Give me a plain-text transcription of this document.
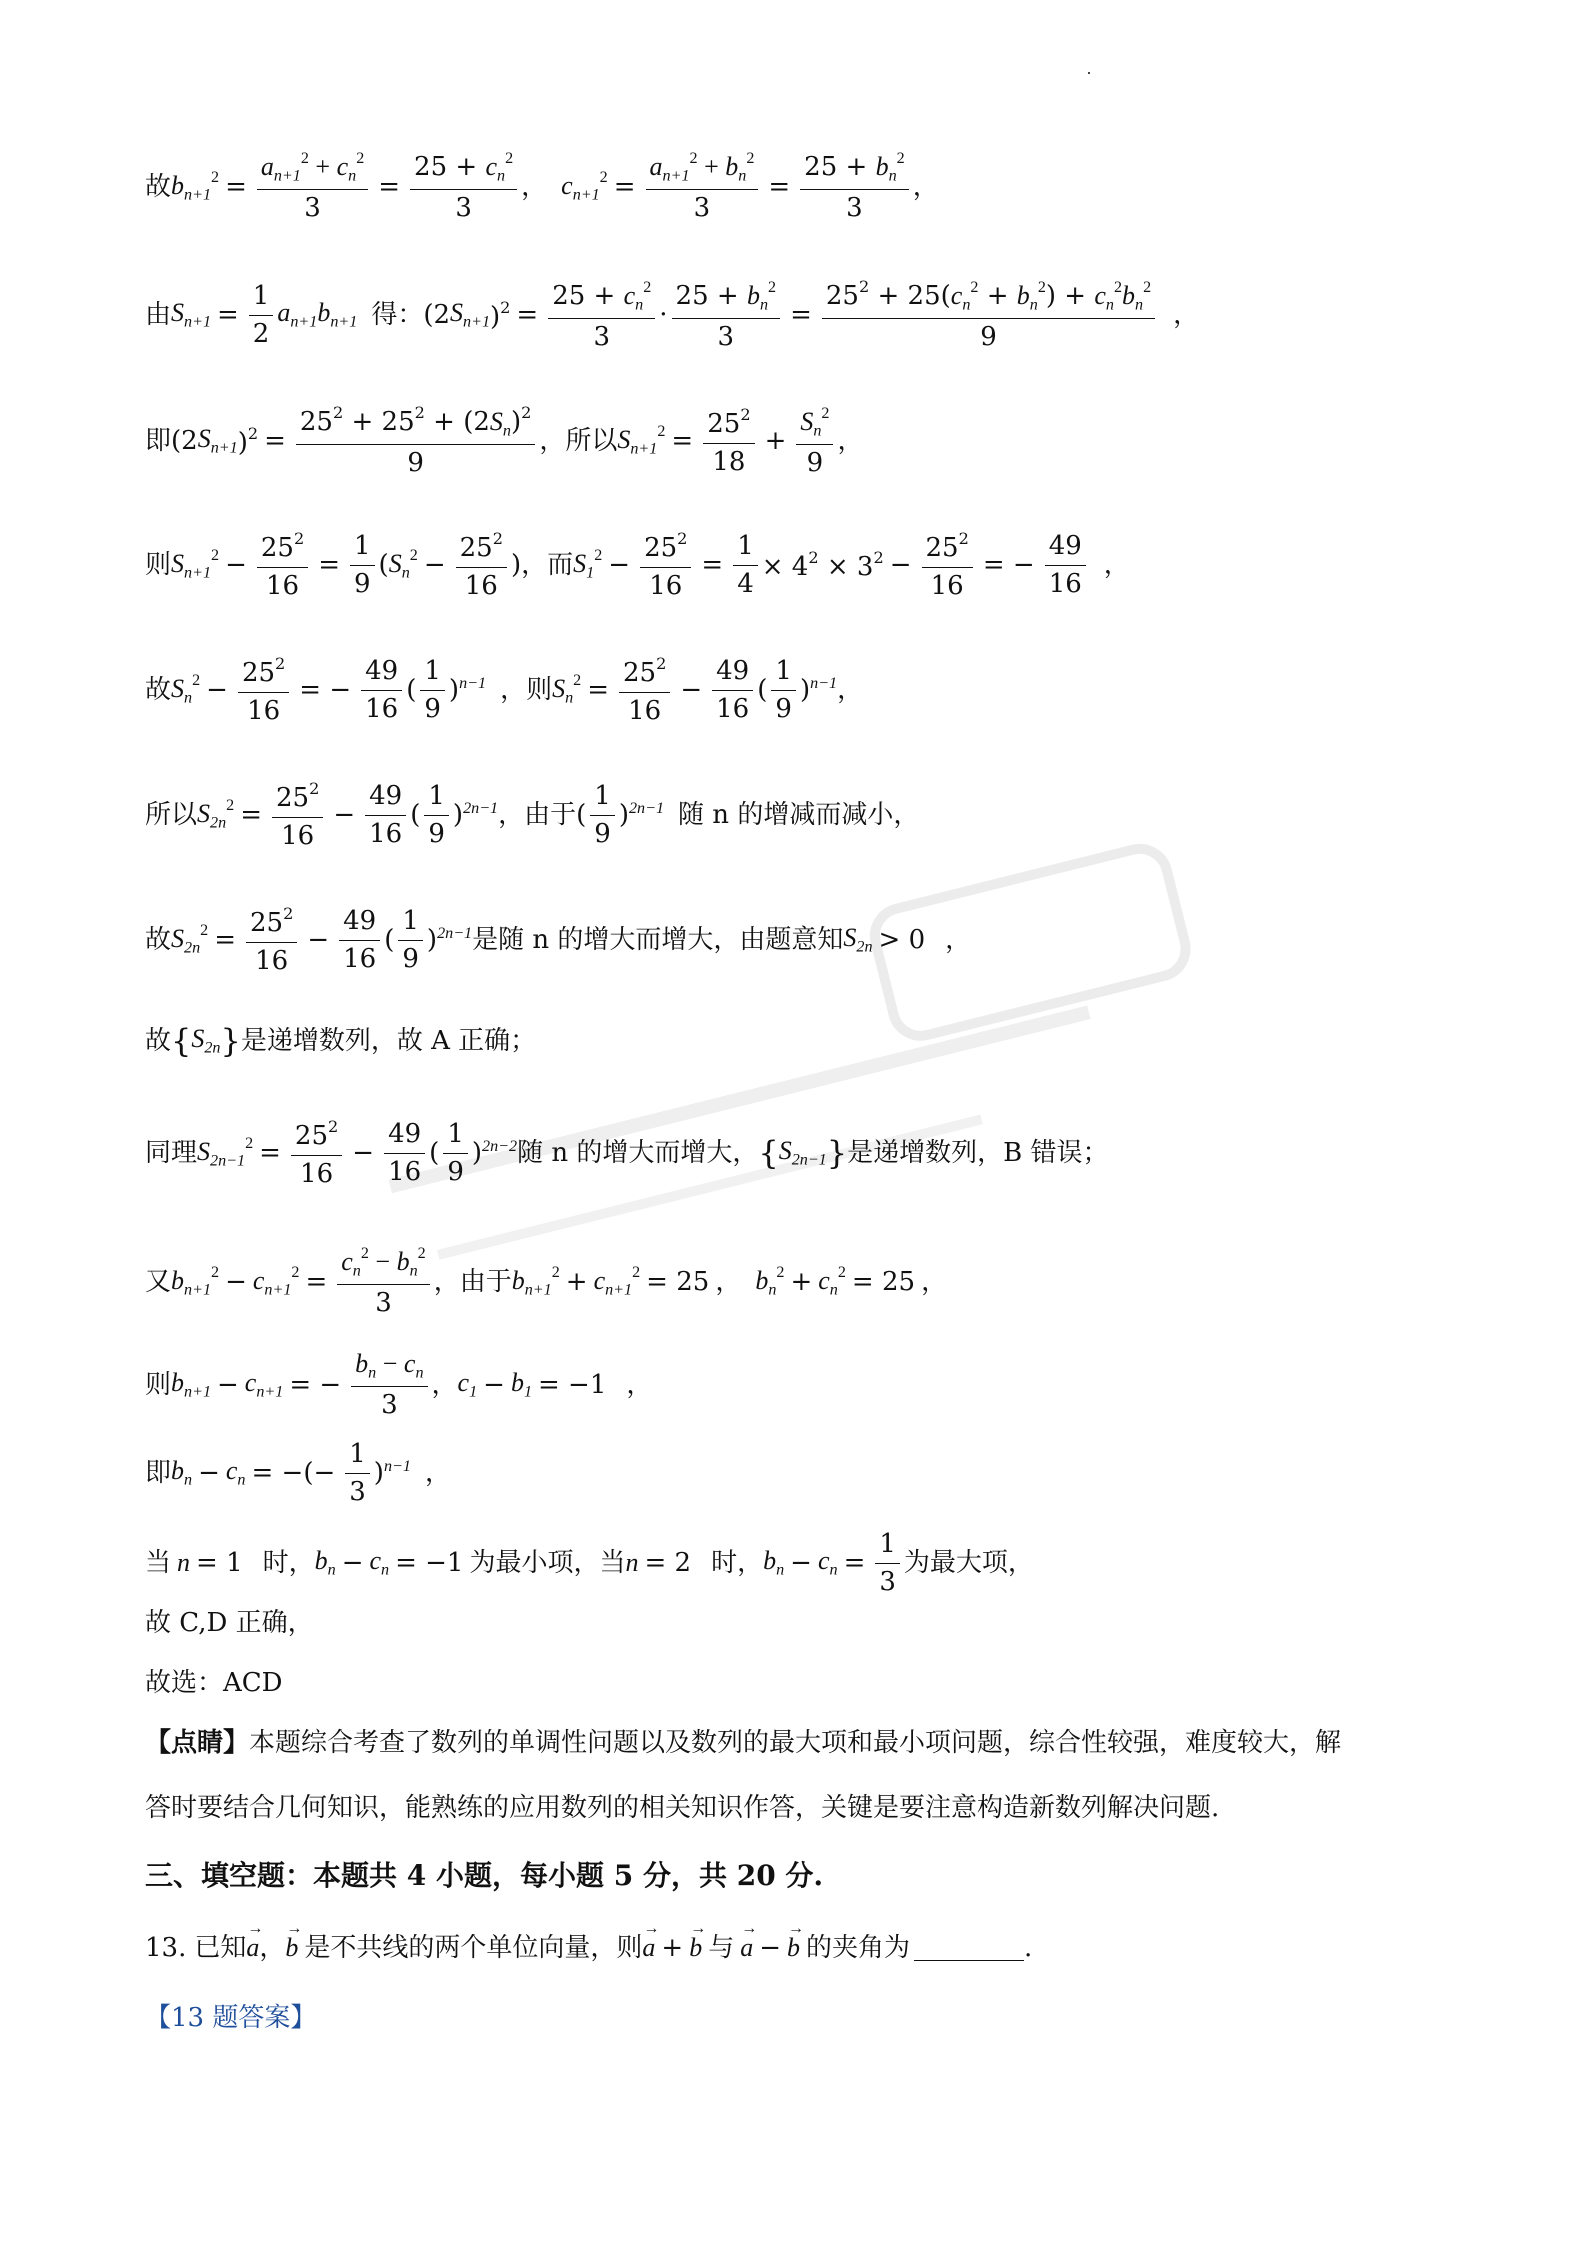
故 $b_{n+1}^2 = \frac{a_{n+1}^2 + c_n^2}{3} = \frac{25 + c_n^2}{3}$ ， $c_{n+1}^2 = \frac{a_{n+1}^2 + b_n^2}{3} = \frac{25 + b_n^2}{3}$ ，
由 $S_{n+1} = \frac{1}{2} a_{n+1}b_{n+1}$ 得： (2 $S_{n+1}$ )$^2 = \frac{25 + c_n^2}{3} \cdot \frac{25 + b_n^2}{3} = \frac{25^2 + 25(c_n^2 + b_n^2) + c_n^2b_n^2}{9}$ ，
即 (2 $S_{n+1}$ )$^2 = \frac{25^2 + 25^2 + (2S_n)^2}{9}$ ，所以 $S_{n+1}^2 = \frac{25^2}{18} + \frac{S_n^2}{9}$ ，
则 $S_{n+1}^2 - \frac{25^2}{16} = \frac{1}{9}$ ( $S_n^2 - \frac{25^2}{16}$ ) ，而 $S_1^2 - \frac{25^2}{16} = \frac{1}{4} \times 4^2 \times 3^2 - \frac{25^2}{16}$ = − $\frac{49}{16}$ ，
故 $S_n^2 - \frac{25^2}{16}$ = − $\frac{49}{16}$ ( $\frac{1}{9}$ ) $^{n-1}$ ，则 $S_n^2 = \frac{25^2}{16} - \frac{49}{16}$ ( $\frac{1}{9}$ ) $^{n-1}$ ，
所以 $S_{2n}^2 = \frac{25^2}{16} - \frac{49}{16}$ ( $\frac{1}{9}$ ) $^{2n-1}$ ，由于 ( $\frac{1}{9}$ ) $^{2n-1}$ 随 n 的增减而减小，
故 $S_{2n}^2 = \frac{25^2}{16} - \frac{49}{16}$ ( $\frac{1}{9}$ ) $^{2n-1}$ 是随 n 的增大而增大，由题意知 $S_{2n} > 0$ ，
故 { $S_{2n}$ } 是递增数列，故 A 正确；
同理 $S_{2n-1}^2 = \frac{25^2}{16} - \frac{49}{16}$ ( $\frac{1}{9}$ ) $^{2n-2}$ 随 n 的增大而增大， { $S_{2n-1}$ } 是递增数列，B 错误；
又 $b_{n+1}^2 - c_{n+1}^2 = \frac{c_n^2 - b_n^2}{3}$ ，由于 $b_{n+1}^2 + c_{n+1}^2 = 25$ ， $b_n^2 + c_n^2 = 25$ ，
则 $b_{n+1} - c_{n+1}$ = − $\frac{b_n - c_n}{3}$ ， $c_1 - b_1 = -1$ ，
即 $b_n - c_n$ = −(− $\frac{1}{3}$ ) $^{n-1}$ ，
当 n = 1 时， $b_n - c_n = -1$ 为最小项，当 n = 2 时， $b_n - c_n = \frac{1}{3}$ 为最大项，
故 C,D 正确，
故选：ACD
【点睛】 本题综合考查了数列的单调性问题以及数列的最大项和最小项问题，综合性较强，难度较大，解
答时要结合几何知识，能熟练的应用数列的相关知识作答，关键是要注意构造新数列解决问题.
三、填空题：本题共 4 小题，每小题 5 分，共 20 分.
13. 已知 a
→
， b
→
是不共线的两个单位向量，则 a
→
+ b
→
与 a
→
− b
→
的夹角为	.
【13 题答案】
